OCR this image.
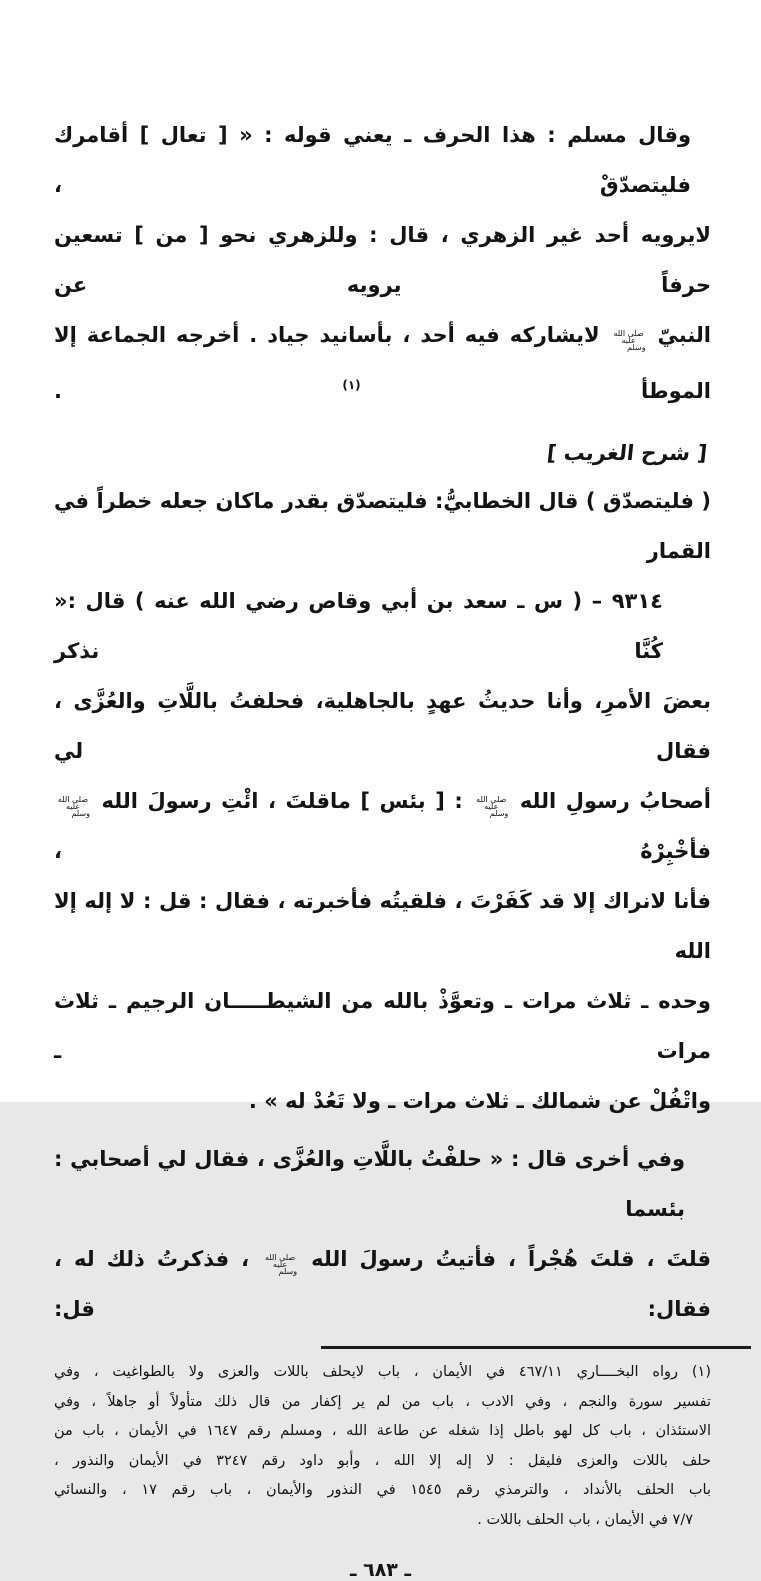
وقال مسلم : هذا الحرف ـ يعني قوله : « [ تعال ] أقامرك فليتصدّقْ ،
لايرويه أحد غير الزهري ، قال : وللزهري نحو [ من ] تسعين حرفاً يرويه عن
النبيّ صلى الله عليه وسلم لايشاركه فيه أحد ، بأسانيد جياد . أخرجه الجماعة إلا الموطأ $^{(١)}$ .
[ شرح الغريب ]
( فليتصدّق ) قال الخطابيُّ: فليتصدّق بقدر ماكان جعله خطراً في القمار
٩٣١٤ – ( س ـ سعد بن أبي وقاص رضي الله عنه ) قال :« كُنَّا نذكر
بعضَ الأمرِ، وأنا حديثُ عهدٍ بالجاهلية، فحلفتُ باللَّاتِ والعُزَّى ، فقال لي
أصحابُ رسولِ الله صلى الله عليه وسلم : [ بئس ] ماقلتَ ، ائْتِ رسولَ الله صلى الله عليه وسلم فأخْبِرْهُ ،
فأنا لانراك إلا قد كَفَرْتَ ، فلقيتُه فأخبرته ، فقال : قل : لا إله إلا الله
وحده ـ ثلاث مرات ـ وتعوَّذْ بالله من الشيطـــــان الرجيم ـ ثلاث مرات ـ
واتْفُلْ عن شمالك ـ ثلاث مرات ـ ولا تَعُدْ له » .
وفي أخرى قال : « حلفْتُ باللَّاتِ والعُزَّى ، فقال لي أصحابي : بئسما
قلتَ ، قلتَ هُجْراً ، فأتيتُ رسولَ الله صلى الله عليه وسلم ، فذكرتُ ذلك له ، فقال: قل:
(١) رواه البخــــاري ٤٦٧/١١ في الأيمان ، باب لايحلف باللات والعزى ولا بالطواغيت ، وفي
تفسير سورة والنجم ، وفي الادب ، باب من لم ير إكفار من قال ذلك متأولاً أو جاهلاً ، وفي
الاستئذان ، باب كل لهو باطل إذا شغله عن طاعة الله ، ومسلم رقم ١٦٤٧ في الأيمان ، باب من
حلف باللات والعزى فليقل : لا إله إلا الله ، وأبو داود رقم ٣٢٤٧ في الأيمان والنذور ،
باب الحلف بالأنداد ، والترمذي رقم ١٥٤٥ في النذور والأيمان ، باب رقم ١٧ ، والنسائي
٧/٧ في الأيمان ، باب الحلف باللات .
ـ ٦٨٣ ـ
